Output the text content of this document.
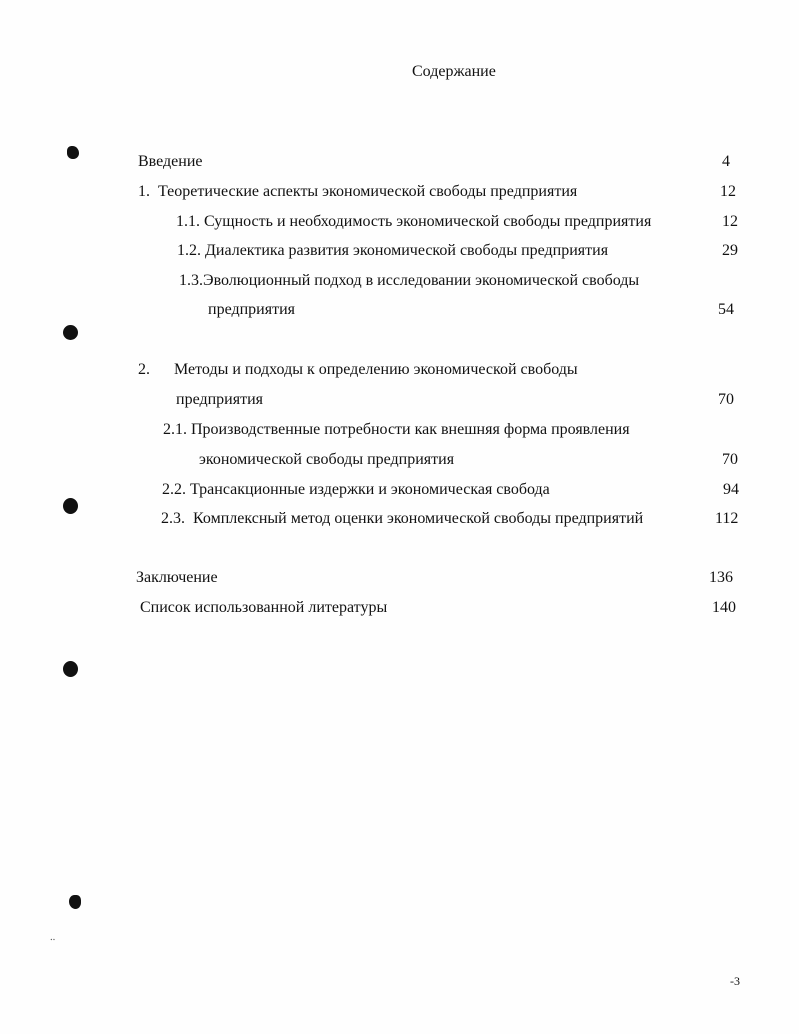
⸱⸱
Содержание
Введение	4
1.  Теоретические аспекты экономической свободы предприятия	12
1.1. Сущность и необходимость экономической свободы предприятия	12
1.2. Диалектика развития экономической свободы предприятия	29
1.3.Эволюционный подход в исследовании экономической свободы
предприятия	54
2. Методы и подходы к определению экономической свободы
предприятия	70
2.1. Производственные потребности как внешняя форма проявления
экономической свободы предприятия	70
2.2. Трансакционные издержки и экономическая свобода	94
2.3.  Комплексный метод оценки экономической свободы предприятий	112
Заключение	136
Список использованной литературы	140
-3
